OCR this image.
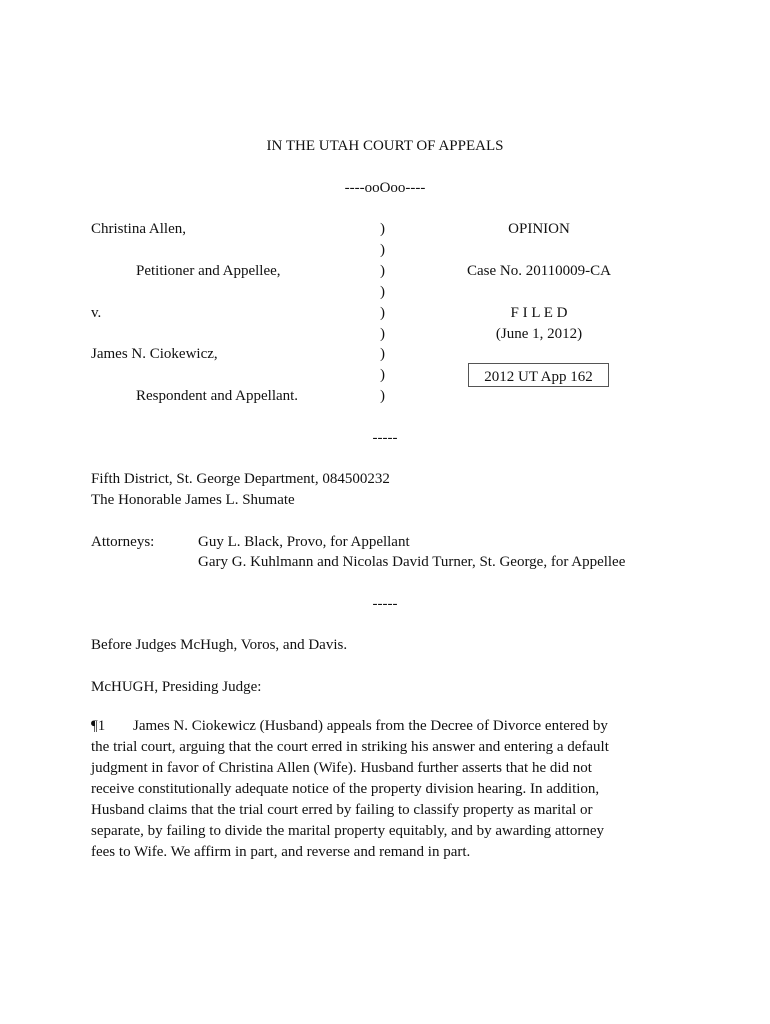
IN THE UTAH COURT OF APPEALS
----ooOoo----
Christina Allen,
Petitioner and Appellee,
v.
James N. Ciokewicz,
Respondent and Appellant.
)
)
)
)
)
)
)
)
)
OPINION
Case No. 20110009-CA
F I L E D
(June 1, 2012)
2012 UT App 162
-----
Fifth District, St. George Department, 084500232
The Honorable James L. Shumate
Attorneys:	Guy L. Black, Provo, for Appellant
Gary G. Kuhlmann and Nicolas David Turner, St. George, for Appellee
-----
Before Judges McHugh, Voros, and Davis.
McHUGH, Presiding Judge:
¶1 James N. Ciokewicz (Husband) appeals from the Decree of Divorce entered by
the trial court, arguing that the court erred in striking his answer and entering a default
judgment in favor of Christina Allen (Wife). Husband further asserts that he did not
receive constitutionally adequate notice of the property division hearing. In addition,
Husband claims that the trial court erred by failing to classify property as marital or
separate, by failing to divide the marital property equitably, and by awarding attorney
fees to Wife. We affirm in part, and reverse and remand in part.
